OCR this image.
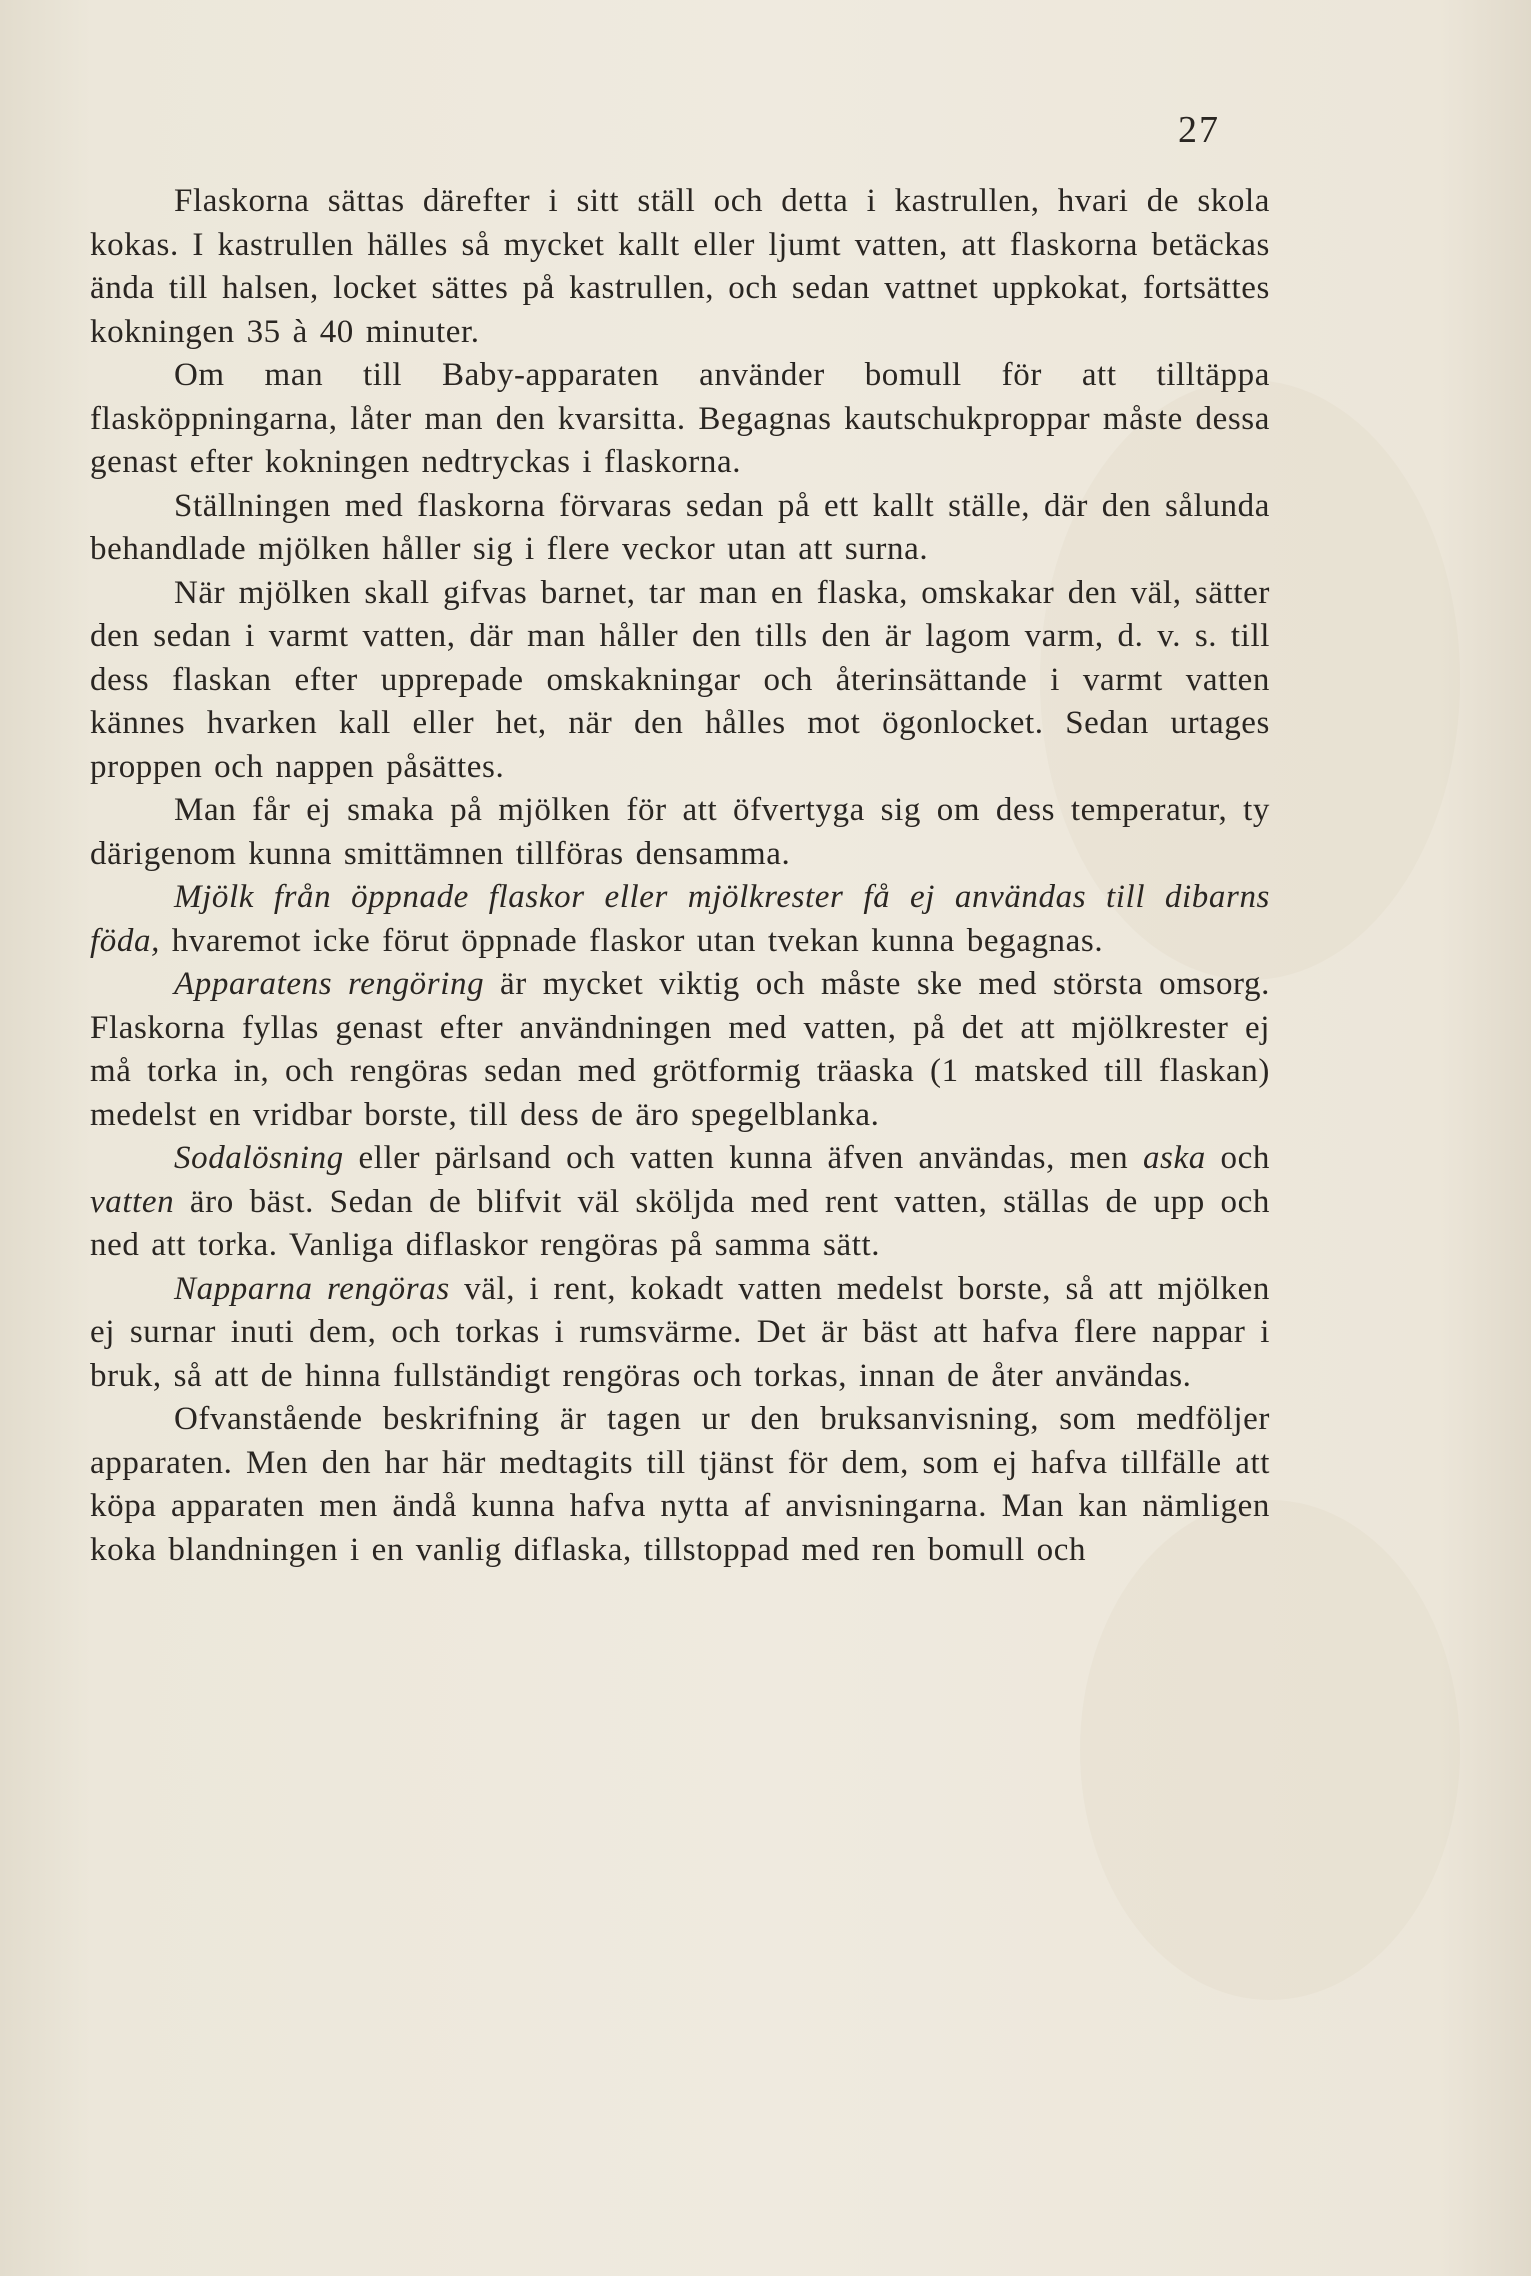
27

Flaskorna sättas därefter i sitt ställ och detta i kastrullen, hvari de skola kokas. I kastrullen hälles så mycket kallt eller ljumt vatten, att flaskorna betäckas ända till halsen, locket sättes på kastrullen, och sedan vattnet uppkokat, fortsättes kokningen 35 à 40 minuter.

Om man till Baby-apparaten använder bomull för att tilltäppa flasköppningarna, låter man den kvarsitta. Begagnas kautschukproppar måste dessa genast efter kokningen nedtryckas i flaskorna.

Ställningen med flaskorna förvaras sedan på ett kallt ställe, där den sålunda behandlade mjölken håller sig i flere veckor utan att surna.

När mjölken skall gifvas barnet, tar man en flaska, omskakar den väl, sätter den sedan i varmt vatten, där man håller den tills den är lagom varm, d. v. s. till dess flaskan efter upprepade omskakningar och återinsättande i varmt vatten kännes hvarken kall eller het, när den hålles mot ögonlocket. Sedan urtages proppen och nappen påsättes.

Man får ej smaka på mjölken för att öfvertyga sig om dess temperatur, ty därigenom kunna smittämnen tillföras densamma.

Mjölk från öppnade flaskor eller mjölkrester få ej användas till dibarns föda, hvaremot icke förut öppnade flaskor utan tvekan kunna begagnas.

Apparatens rengöring är mycket viktig och måste ske med största omsorg. Flaskorna fyllas genast efter användningen med vatten, på det att mjölkrester ej må torka in, och rengöras sedan med grötformig träaska (1 matsked till flaskan) medelst en vridbar borste, till dess de äro spegelblanka.

Sodalösning eller pärlsand och vatten kunna äfven användas, men aska och vatten äro bäst. Sedan de blifvit väl sköljda med rent vatten, ställas de upp och ned att torka. Vanliga diflaskor rengöras på samma sätt.

Napparna rengöras väl, i rent, kokadt vatten medelst borste, så att mjölken ej surnar inuti dem, och torkas i rumsvärme. Det är bäst att hafva flere nappar i bruk, så att de hinna fullständigt rengöras och torkas, innan de åter användas.

Ofvanstående beskrifning är tagen ur den bruksanvisning, som medföljer apparaten. Men den har här medtagits till tjänst för dem, som ej hafva tillfälle att köpa apparaten men ändå kunna hafva nytta af anvisningarna. Man kan nämligen koka blandningen i en vanlig diflaska, tillstoppad med ren bomull och
